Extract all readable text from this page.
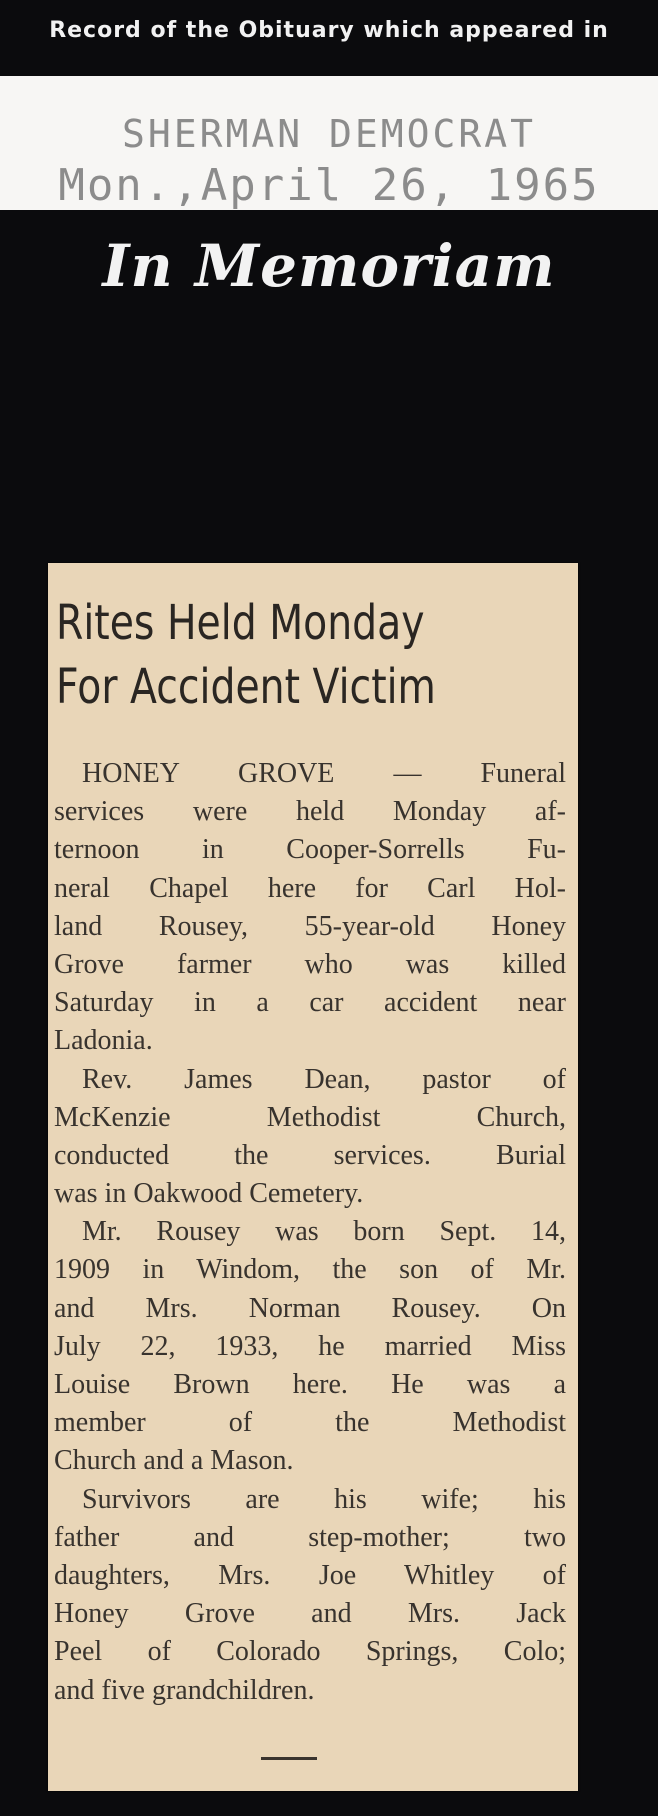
Record of the Obituary which appeared in
SHERMAN DEMOCRAT
Mon.,April 26, 1965
In Memoriam
Rites Held Monday
For Accident Victim
HONEY GROVE — Funeral
services were held Monday af-
ternoon in Cooper-Sorrells Fu-
neral Chapel here for Carl Hol-
land Rousey, 55-year-old Honey
Grove farmer who was killed
Saturday in a car accident near
Ladonia.
Rev. James Dean, pastor of
McKenzie Methodist Church,
conducted the services. Burial
was in Oakwood Cemetery.
Mr. Rousey was born Sept. 14,
1909 in Windom, the son of Mr.
and Mrs. Norman Rousey. On
July 22, 1933, he married Miss
Louise Brown here. He was a
member of the Methodist
Church and a Mason.
Survivors are his wife; his
father and step-mother; two
daughters, Mrs. Joe Whitley of
Honey Grove and Mrs. Jack
Peel of Colorado Springs, Colo;
and five grandchildren.
